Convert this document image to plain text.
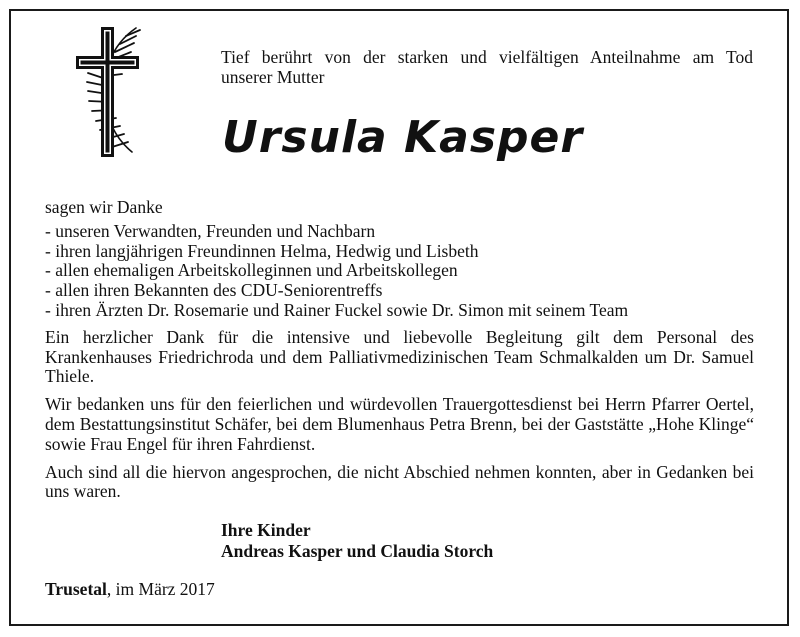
Tief berührt von der starken und vielfältigen Anteilnahme am Tod
unserer Mutter
Ursula Kasper

sagen wir Danke

- unseren Verwandten, Freunden und Nachbarn
- ihren langjährigen Freundinnen Helma, Hedwig und Lisbeth
- allen ehemaligen Arbeitskolleginnen und Arbeitskollegen
- allen ihren Bekannten des CDU-Seniorentreffs
- ihren Ärzten Dr. Rosemarie und Rainer Fuckel sowie Dr. Simon mit seinem Team

Ein herzlicher Dank für die intensive und liebevolle Begleitung gilt dem Personal des Krankenhauses Friedrichroda und dem Palliativmedizinischen Team Schmalkalden um Dr. Samuel Thiele.

Wir bedanken uns für den feierlichen und würdevollen Trauergottesdienst bei Herrn Pfarrer Oertel, dem Bestattungsinstitut Schäfer, bei dem Blumenhaus Petra Brenn, bei der Gaststätte „Hohe Klinge“ sowie Frau Engel für ihren Fahrdienst.

Auch sind all die hiervon angesprochen, die nicht Abschied nehmen konnten, aber in Gedanken bei uns waren.

Ihre Kinder
Andreas Kasper und Claudia Storch
Trusetal, im März 2017
